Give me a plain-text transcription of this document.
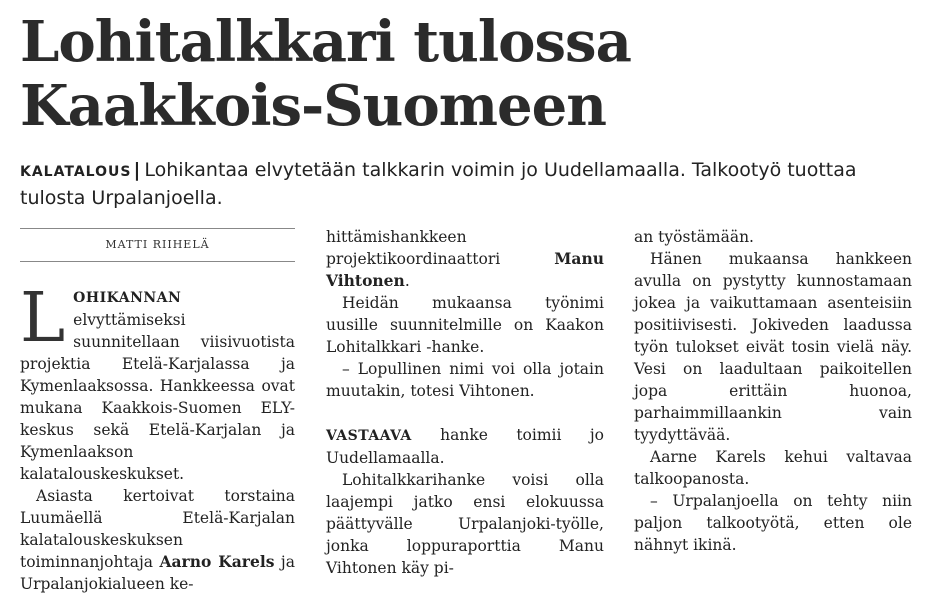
Lohitalkkari tulossa
Kaakkois-Suomeen
KALATALOUS | Lohikantaa elvytetään talkkarin voimin jo Uudellamaalla. Talkootyö tuottaa tulosta Urpalanjoella.
MATTI RIIHELÄ

LOHIKANNAN elvyttämiseksi suunnitellaan viisivuotista projektia Etelä-Karjalassa ja Kymenlaaksossa. Hankkeessa ovat mukana Kaakkois-Suomen ELY-keskus sekä Etelä-Karjalan ja Kymenlaakson kalatalouskeskukset.

Asiasta kertoivat torstaina Luumäellä Etelä-Karjalan kalatalouskeskuksen toiminnanjohtaja Aarno Karels ja Urpalanjokialueen ke-

hittämishankkeen projektikoordinaattori Manu Vihtonen.

Heidän mukaansa työnimi uusille suunnitelmille on Kaakon Lohitalkkari -hanke.

– Lopullinen nimi voi olla jotain muutakin, totesi Vihtonen.

VASTAAVA hanke toimii jo Uudellamaalla.

Lohitalkkarihanke voisi olla laajempi jatko ensi elokuussa päättyvälle Urpalanjoki-työlle, jonka loppuraporttia Manu Vihtonen käy pi-

an työstämään.

Hänen mukaansa hankkeen avulla on pystytty kunnostamaan jokea ja vaikuttamaan asenteisiin positiivisesti. Jokiveden laadussa työn tulokset eivät tosin vielä näy. Vesi on laadultaan paikoitellen jopa erittäin huonoa, parhaimmillaankin vain tyydyttävää.

Aarne Karels kehui valtavaa talkoopanosta.

– Urpalanjoella on tehty niin paljon talkootyötä, etten ole nähnyt ikinä.
